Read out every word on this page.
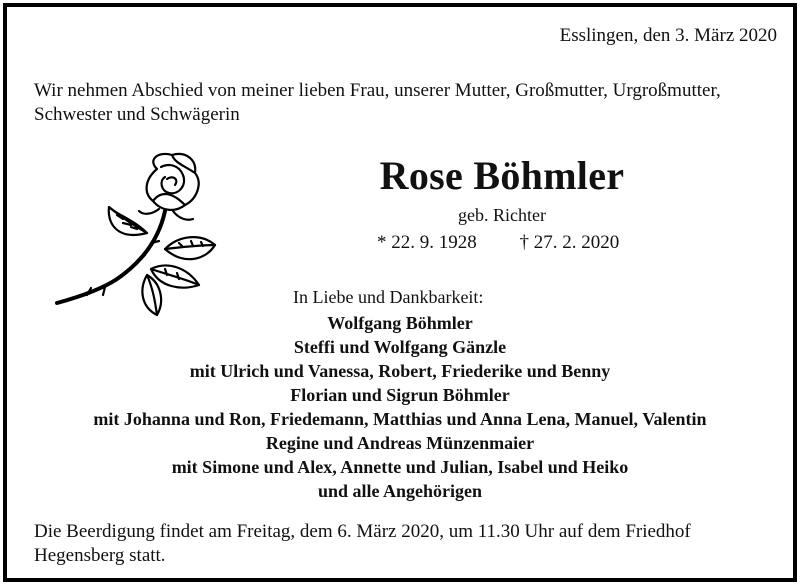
Esslingen, den 3. März 2020
Wir nehmen Abschied von meiner lieben Frau, unserer Mutter, Großmutter, Urgroßmutter, Schwester und Schwägerin
Rose Böhmler
geb. Richter
* 22. 9. 1928 † 27. 2. 2020
In Liebe und Dankbarkeit:
Wolfgang Böhmler
Steffi und Wolfgang Gänzle
mit Ulrich und Vanessa, Robert, Friederike und Benny
Florian und Sigrun Böhmler
mit Johanna und Ron, Friedemann, Matthias und Anna Lena, Manuel, Valentin
Regine und Andreas Münzenmaier
mit Simone und Alex, Annette und Julian, Isabel und Heiko
und alle Angehörigen
Die Beerdigung findet am Freitag, dem 6. März 2020, um 11.30 Uhr auf dem Friedhof Hegensberg statt.
